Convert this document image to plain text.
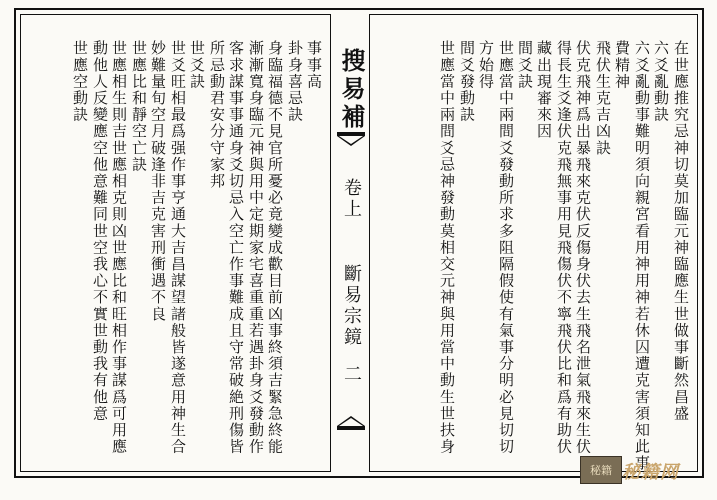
搜易補
卷上
斷易宗鏡
二	在世應推究忌神切莫加臨元神臨應生世做事斷然昌盛
六爻亂動訣
六爻亂動事難明須向親宮看用神用神若休囚遭克害須知此事
費精神
飛伏生克吉凶訣
伏克飛神爲出暴飛來克伏反傷身伏去生飛名泄氣飛來生伏
得長生爻逢伏克飛無事用見飛傷伏不寧飛伏比和爲有助伏
藏出現審來因
間爻訣
世應當中兩間爻發動所求多阻隔假使有氣事分明必見切切
方始得
間爻發動訣
世應當中兩間爻忌神發動莫相交元神與用當中動生世扶身
事事高
卦身喜忌訣
身臨福德不見官所憂必竟變成歡目前凶事終須吉緊急終能
漸漸寬身臨元神與用中定期家宅喜重重若遇卦身爻發動作
客求謀事事通身爻切忌入空亡作事難成且守常破絶刑傷皆
所忌動君安分守家邦
世爻訣
世爻旺相最爲强作事亨通大吉昌謀望諸般皆遂意用神生合
妙難量旬空月破逢非吉克害刑衝遇不良
世應比和靜空亡訣
世應相生則吉世應相克則凶世應比和旺相作事謀爲可用應
動他人反變應空他意難同世空我心不實世動我有他意
世應空動訣
秘籍 秘籍网
